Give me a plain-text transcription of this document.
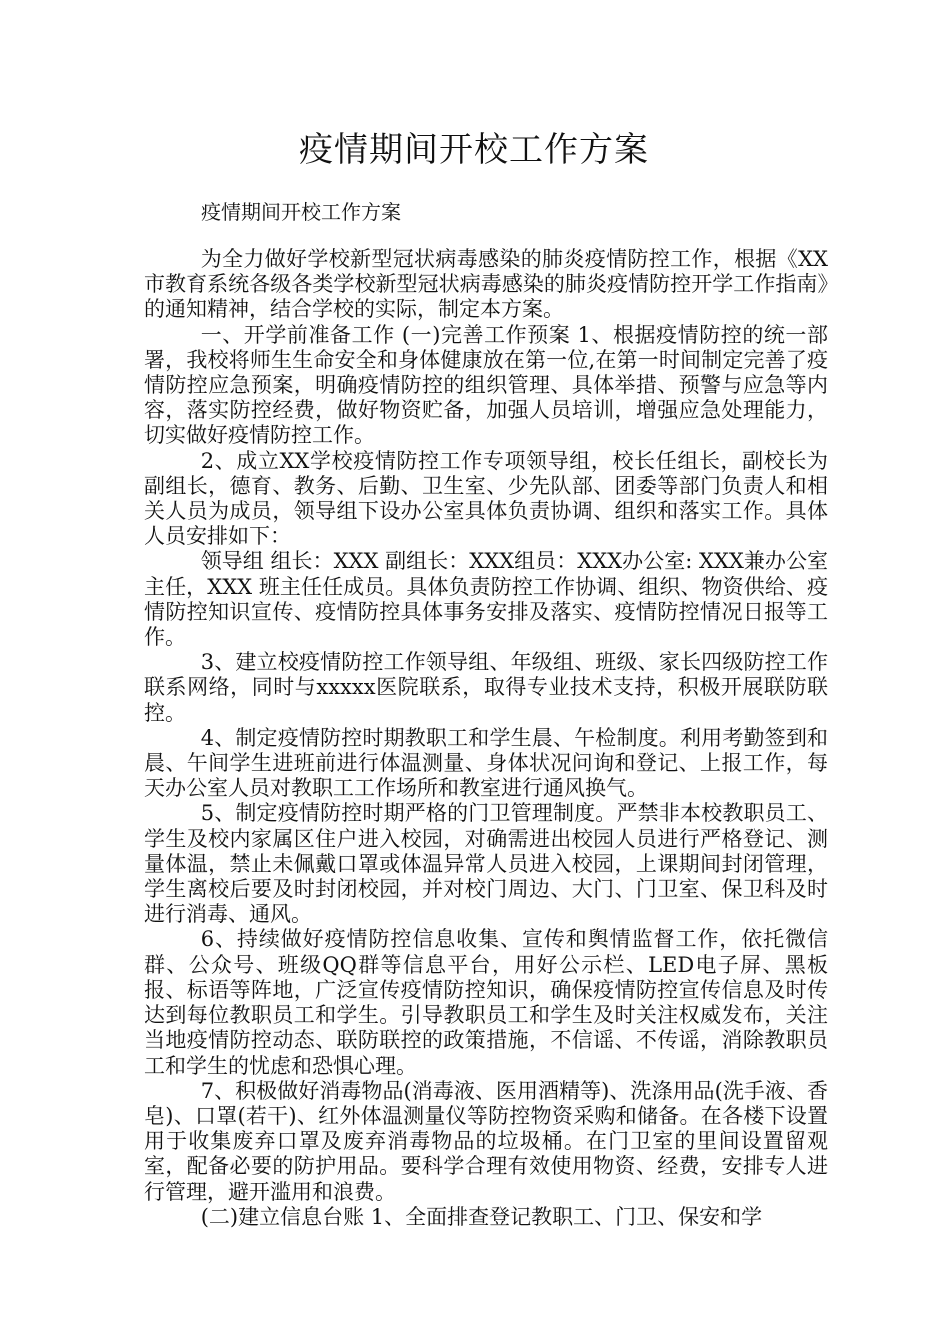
疫情期间开校工作方案
疫情期间开校工作方案

为全力做好学校新型冠状病毒感染的肺炎疫情防控工作，根据《XX市教育系统各级各类学校新型冠状病毒感染的肺炎疫情防控开学工作指南》的通知精神，结合学校的实际，制定本方案。

一、开学前准备工作 (一)完善工作预案 1、根据疫情防控的统一部署，我校将师生生命安全和身体健康放在第一位,在第一时间制定完善了疫情防控应急预案，明确疫情防控的组织管理、具体举措、预警与应急等内容，落实防控经费，做好物资贮备，加强人员培训，增强应急处理能力，切实做好疫情防控工作。

2、成立XX学校疫情防控工作专项领导组，校长任组长，副校长为副组长，德育、教务、后勤、卫生室、少先队部、团委等部门负责人和相关人员为成员，领导组下设办公室具体负责协调、组织和落实工作。具体人员安排如下：

领导组 组长：XXX 副组长：XXX组员：XXX办公室: XXX兼办公室主任，XXX 班主任任成员。具体负责防控工作协调、组织、物资供给、疫情防控知识宣传、疫情防控具体事务安排及落实、疫情防控情况日报等工作。

3、建立校疫情防控工作领导组、年级组、班级、家长四级防控工作联系网络，同时与xxxxx医院联系，取得专业技术支持，积极开展联防联控。

4、制定疫情防控时期教职工和学生晨、午检制度。利用考勤签到和晨、午间学生进班前进行体温测量、身体状况问询和登记、上报工作，每天办公室人员对教职工工作场所和教室进行通风换气。

5、制定疫情防控时期严格的门卫管理制度。严禁非本校教职员工、学生及校内家属区住户进入校园，对确需进出校园人员进行严格登记、测量体温，禁止未佩戴口罩或体温异常人员进入校园，上课期间封闭管理，学生离校后要及时封闭校园，并对校门周边、大门、门卫室、保卫科及时进行消毒、通风。

6、持续做好疫情防控信息收集、宣传和舆情监督工作，依托微信群、公众号、班级QQ群等信息平台，用好公示栏、LED电子屏、黑板报、标语等阵地，广泛宣传疫情防控知识，确保疫情防控宣传信息及时传达到每位教职员工和学生。引导教职员工和学生及时关注权威发布，关注当地疫情防控动态、联防联控的政策措施，不信谣、不传谣，消除教职员工和学生的忧虑和恐惧心理。

7、积极做好消毒物品(消毒液、医用酒精等)、洗涤用品(洗手液、香皂)、口罩(若干)、红外体温测量仪等防控物资采购和储备。在各楼下设置用于收集废弃口罩及废弃消毒物品的垃圾桶。在门卫室的里间设置留观室，配备必要的防护用品。要科学合理有效使用物资、经费，安排专人进行管理，避开滥用和浪费。

(二)建立信息台账 1、全面排查登记教职工、门卫、保安和学
